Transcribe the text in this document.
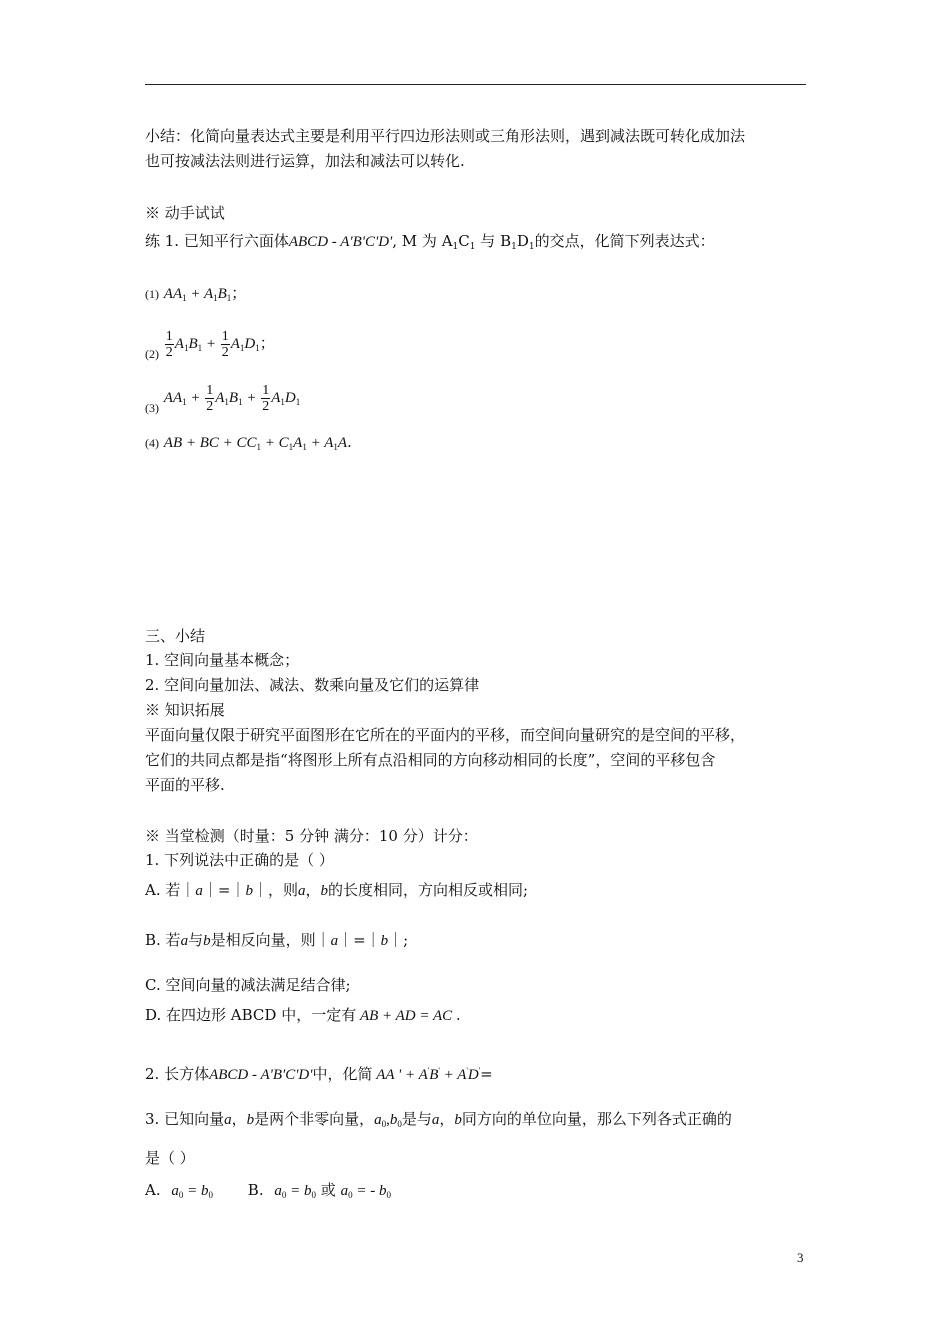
小结：化简向量表达式主要是利用平行四边形法则或三角形法则，遇到减法既可转化成加法
也可按减法法则进行运算，加法和减法可以转化.
※ 动手试试
练 1. 已知平行六面体ABCD - A'B'C'D', M 为 $A_1C_1$ 与 $B_1D_1$的交点，化简下列表达式：
(1) $AA_1 + A_1B_1$；
$_{(2)} \frac{1}{2} A_1B_1 + \frac{1}{2} A_1D_1$；
$_{(3)}$ $AA_1 + \frac{1}{2} A_1B_1 + \frac{1}{2} A_1D_1$
(4) AB + BC + $CC_1 + C_1A_1 + A_1A$.
三、小结
1. 空间向量基本概念；
2. 空间向量加法、减法、数乘向量及它们的运算律
※ 知识拓展
平面向量仅限于研究平面图形在它所在的平面内的平移，而空间向量研究的是空间的平移，
它们的共同点都是指“将图形上所有点沿相同的方向移动相同的长度”，空间的平移包含
平面的平移.
※ 当堂检测（时量：5 分钟 满分：10 分）计分：
1. 下列说法中正确的是（ ）
A. 若｜a｜=｜b｜，则a，b的长度相同，方向相反或相同;
B. 若a与b是相反向量，则｜a｜=｜b｜;
C. 空间向量的减法满足结合律;
D. 在四边形 ABCD 中，一定有 AB + AD = AC .
2. 长方体ABCD - A'B'C'D'中，化简 AA ' + A'B' + A'D'=
3. 已知向量a，b是两个非零向量，$a_0,b_0$是与a，b同方向的单位向量，那么下列各式正确的
是（ ）
A. $a_0 = b_0$ B. $a_0 = b_0$ 或 $a_0$ = - $b_0$
3
